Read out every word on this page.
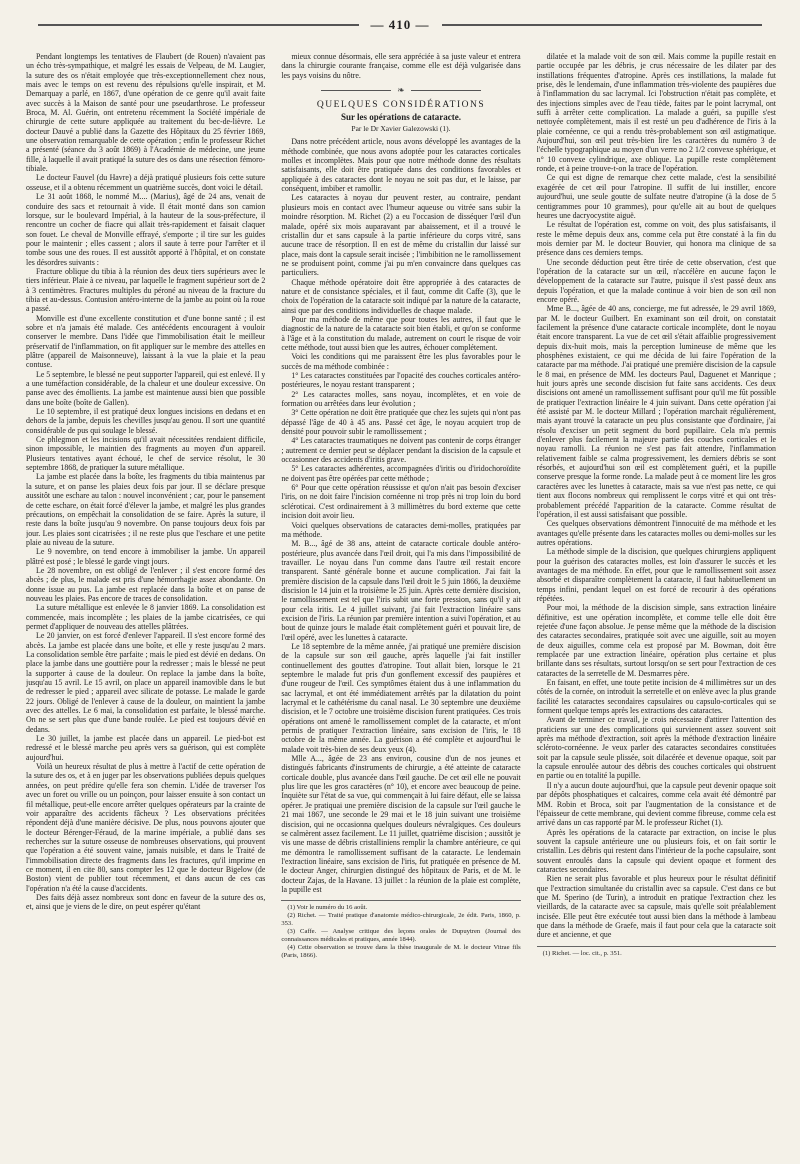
— 410 —

Pendant longtemps les tentatives de Flaubert (de Rouen) n'avaient pas un écho très-sympathique, et malgré les essais de Velpeau, de M. Laugier, la suture des os n'était employée que très-exceptionnellement chez nous, mais avec le temps on est revenu des répulsions qu'elle inspirait, et M. Demarquay a parlé, en 1867, d'une opération de ce genre qu'il avait faite avec succès à la Maison de santé pour une pseudarthrose. Le professeur Broca, M. Al. Guérin, ont entretenu récemment la Société impériale de chirurgie de cette suture appliquée au traitement du bec-de-lièvre. Le docteur Dauvé a publié dans la Gazette des Hôpitaux du 25 février 1869, une observation remarquable de cette opération ; enfin le professeur Richet a présenté (séance du 3 août 1869) à l'Académie de médecine, une jeune fille, à laquelle il avait pratiqué la suture des os dans une résection fémoro-tibiale.

Le docteur Fauvel (du Havre) a déjà pratiqué plusieurs fois cette suture osseuse, et il a obtenu récemment un quatrième succès, dont voici le détail.

Le 31 août 1868, le nommé M.... (Marius), âgé de 24 ans, venait de conduire des sacs et retournait à vide. Il était monté dans son camion lorsque, sur le boulevard Impérial, à la hauteur de la sous-préfecture, il rencontre un cocher de fiacre qui allait très-rapidement et faisait claquer son fouet. Le cheval de Monville effrayé, s'emporte ; il tire sur les guides pour le maintenir ; elles cassent ; alors il saute à terre pour l'arrêter et il tombe sous une des roues. Il est aussitôt apporté à l'hôpital, et on constate les désordres suivants :

Fracture oblique du tibia à la réunion des deux tiers supérieurs avec le tiers inférieur. Plaie à ce niveau, par laquelle le fragment supérieur sort de 2 à 3 centimètres. Fractures multiples du péroné au niveau de la fracture du tibia et au-dessus. Contusion antéro-interne de la jambe au point où la roue a passé.

Monville est d'une excellente constitution et d'une bonne santé ; il est sobre et n'a jamais été malade. Ces antécédents encouragent à vouloir conserver le membre. Dans l'idée que l'immobilisation était le meilleur préservatif de l'inflammation, on fit appliquer sur le membre des attelles en plâtre (appareil de Maisonneuve), laissant à la vue la plaie et la peau contuse.

Le 5 septembre, le blessé ne peut supporter l'appareil, qui est enlevé. Il y a une tuméfaction considérable, de la chaleur et une douleur excessive. On panse avec des émollients. La jambe est maintenue aussi bien que possible dans une boîte (boîte de Gallen).

Le 10 septembre, il est pratiqué deux longues incisions en dedans et en dehors de la jambe, depuis les chevilles jusqu'au genou. Il sort une quantité considérable de pus qui soulage le blessé.

Ce phlegmon et les incisions qu'il avait nécessitées rendaient difficile, sinon impossible, le maintien des fragments au moyen d'un appareil. Plusieurs tentatives ayant échoué, le chef de service résolut, le 30 septembre 1868, de pratiquer la suture métallique.

La jambe est placée dans la boîte, les fragments du tibia maintenus par la suture, et on panse les plaies deux fois par jour. Il se déclare presque aussitôt une eschare au talon : nouvel inconvénient ; car, pour le pansement de cette eschare, on était forcé d'élever la jambe, et malgré les plus grandes précautions, on empêchait la consolidation de se faire. Après la suture, il reste dans la boîte jusqu'au 9 novembre. On panse toujours deux fois par jour. Les plaies sont cicatrisées ; il ne reste plus que l'eschare et une petite plaie au niveau de la suture.

Le 9 novembre, on tend encore à immobiliser la jambe. Un appareil plâtré est posé ; le blessé le garde vingt jours.

Le 28 novembre, on est obligé de l'enlever ; il s'est encore formé des abcès ; de plus, le malade est pris d'une hémorrhagie assez abondante. On donne issue au pus. La jambe est replacée dans la boîte et on panse de nouveau les plaies. Pas encore de traces de consolidation.

La suture métallique est enlevée le 8 janvier 1869. La consolidation est commencée, mais incomplète ; les plaies de la jambe cicatrisées, ce qui permet d'appliquer de nouveau des attelles plâtrées.

Le 20 janvier, on est forcé d'enlever l'appareil. Il s'est encore formé des abcès. La jambe est placée dans une boîte, et elle y reste jusqu'au 2 mars. La consolidation semble être parfaite ; mais le pied est dévié en dedans. On place la jambe dans une gouttière pour la redresser ; mais le blessé ne peut la supporter à cause de la douleur. On replace la jambe dans la boîte, jusqu'au 15 avril. Le 15 avril, on place un appareil inamovible dans le but de redresser le pied ; appareil avec silicate de potasse. Le malade le garde 22 jours. Obligé de l'enlever à cause de la douleur, on maintient la jambe avec des attelles. Le 6 mai, la consolidation est parfaite, le blessé marche. On ne se sert plus que d'une bande roulée. Le pied est toujours dévié en dedans.

Le 30 juillet, la jambe est placée dans un appareil. Le pied-bot est redressé et le blessé marche peu après vers sa guérison, qui est complète aujourd'hui.

Voilà un heureux résultat de plus à mettre à l'actif de cette opération de la suture des os, et à en juger par les observations publiées depuis quelques années, on peut prédire qu'elle fera son chemin. L'idée de traverser l'os avec un foret ou vrille ou un poinçon, pour laisser ensuite à son contact un fil métallique, peut-elle encore arrêter quelques opérateurs par la crainte de voir apparaître des accidents fâcheux ? Les observations précitées répondent déjà d'une manière décisive. De plus, nous pouvons ajouter que le docteur Bérenger-Féraud, de la marine impériale, a publié dans ses recherches sur la suture osseuse de nombreuses observations, qui prouvent que l'opération a été souvent vaine, jamais nuisible, et dans le Traité de l'immobilisation directe des fragments dans les fractures, qu'il imprime en ce moment, il en cite 80, sans compter les 12 que le docteur Bigelow (de Boston) vient de publier tout récemment, et dans aucun de ces cas l'opération n'a été la cause d'accidents.

Des faits déjà assez nombreux sont donc en faveur de la suture des os, et, ainsi que je viens de le dire, on peut espérer qu'étant

mieux connue désormais, elle sera appréciée à sa juste valeur et entrera dans la chirurgie courante française, comme elle est déjà vulgarisée dans les pays voisins du nôtre.

❧
QUELQUES CONSIDÉRATIONS
Sur les opérations de cataracte.
Par le Dr Xavier Galezowski (1).

Dans notre précédent article, nous avons développé les avantages de la méthode combinée, que nous avons adoptée pour les cataractes corticales molles et incomplètes. Mais pour que notre méthode donne des résultats satisfaisants, elle doit être pratiquée dans des conditions favorables et appliquée à des cataractes dont le noyau ne soit pas dur, et le laisse, par conséquent, imbiber et ramollir.

Les cataractes à noyau dur peuvent rester, au contraire, pendant plusieurs mois en contact avec l'humeur aqueuse ou vitrée sans subir la moindre résorption. M. Richet (2) a eu l'occasion de disséquer l'œil d'un malade, opéré six mois auparavant par abaissement, et il a trouvé le cristallin dur et sans capsule à la partie inférieure du corps vitré, sans aucune trace de résorption. Il en est de même du cristallin dur laissé sur place, mais dont la capsule serait incisée ; l'imbibition ne le ramollissement ne se produisent point, comme j'ai pu m'en convaincre dans quelques cas particuliers.

Chaque méthode opératoire doit être appropriée à des cataractes de nature et de consistance spéciales, et il faut, comme dit Caffe (3), que le choix de l'opération de la cataracte soit indiqué par la nature de la cataracte, ainsi que par des conditions individuelles de chaque malade.

Pour ma méthode de même que pour toutes les autres, il faut que le diagnostic de la nature de la cataracte soit bien établi, et qu'on se conforme à l'âge et à la constitution du malade, autrement on court le risque de voir cette méthode, tout aussi bien que les autres, échouer complétement.

Voici les conditions qui me paraissent être les plus favorables pour le succès de ma méthode combinée :

1° Les cataractes constituées par l'opacité des couches corticales antéro-postérieures, le noyau restant transparent ;

2° Les cataractes molles, sans noyau, incomplètes, et en voie de formation ou arrêtées dans leur évolution ;

3° Cette opération ne doit être pratiquée que chez les sujets qui n'ont pas dépassé l'âge de 40 à 45 ans. Passé cet âge, le noyau acquiert trop de densité pour pouvoir subir le ramollissement ;

4° Les cataractes traumatiques ne doivent pas contenir de corps étranger ; autrement ce dernier peut se déplacer pendant la discision de la capsule et occasionner des accidents d'iritis grave.

5° Les cataractes adhérentes, accompagnées d'iritis ou d'iridochoroïdite ne doivent pas être opérées par cette méthode ;

6° Pour que cette opération réussisse et qu'on n'ait pas besoin d'exciser l'iris, on ne doit faire l'incision cornéenne ni trop près ni trop loin du bord scléroticai. C'est ordinairement à 3 millimètres du bord externe que cette incision doit avoir lieu.

Voici quelques observations de cataractes demi-molles, pratiquées par ma méthode.

M. B..., âgé de 38 ans, atteint de cataracte corticale double antéro-postérieure, plus avancée dans l'œil droit, qui l'a mis dans l'impossibilité de travailler. Le noyau dans l'un comme dans l'autre œil restait encore transparent. Santé générale bonne et aucune complication. J'ai fait la première discision de la capsule dans l'œil droit le 5 juin 1866, la deuxième discision le 14 juin et la troisième le 25 juin. Après cette dernière discision, le ramollissement est tel que l'iris subit une forte pression, sans qu'il y ait pour cela iritis. Le 4 juillet suivant, j'ai fait l'extraction linéaire sans excision de l'iris. La réunion par première intention a suivi l'opération, et au bout de quinze jours le malade était complètement guéri et pouvait lire, de l'œil opéré, avec les lunettes à cataracte.

Le 18 septembre de la même année, j'ai pratiqué une première discision de la capsule sur son œil gauche, après laquelle j'ai fait instiller continuellement des gouttes d'atropine. Tout allait bien, lorsque le 21 septembre le malade fut pris d'un gonflement excessif des paupières et d'une rougeur de l'œil. Ces symptômes étaient dus à une inflammation du sac lacrymal, et ont été immédiatement arrêtés par la dilatation du point lacrymal et le cathétérisme du canal nasal. Le 30 septembre une deuxième discision, et le 7 octobre une troisième discision furent pratiquées. Ces trois opérations ont amené le ramollissement complet de la cataracte, et m'ont permis de pratiquer l'extraction linéaire, sans excision de l'iris, le 18 octobre de la même année. La guérison a été complète et aujourd'hui le malade voit très-bien de ses deux yeux (4).

Mlle A..., âgée de 23 ans environ, cousine d'un de nos jeunes et distingués fabricants d'instruments de chirurgie, a été atteinte de cataracte corticale double, plus avancée dans l'œil gauche. De cet œil elle ne pouvait plus lire que les gros caractères (n° 10), et encore avec beaucoup de peine. Inquiète sur l'état de sa vue, qui commençait à lui faire défaut, elle se laissa opérer. Je pratiquai une première discision de la capsule sur l'œil gauche le 21 mai 1867, une seconde le 29 mai et le 18 juin suivant une troisième discision, qui ne occasionna quelques douleurs névralgiques. Ces douleurs se calmèrent assez facilement. Le 11 juillet, quatrième discision ; aussitôt je vis une masse de débris cristalliniens remplir la chambre antérieure, ce qui me démontra le ramollissement suffisant de la cataracte. Le lendemain l'extraction linéaire, sans excision de l'iris, fut pratiquée en présence de M. le docteur Anger, chirurgien distingué des hôpitaux de Paris, et de M. le docteur Zajas, de la Havane. 13 juillet : la réunion de la plaie est complète, la pupille est

(1) Voir le numéro du 16 août.
(2) Richet. — Traité pratique d'anatomie médico-chirurgicale, 2e édit. Paris, 1860, p. 353.
(3) Caffe. — Analyse critique des leçons orales de Dupuytren (Journal des connaissances médicales et pratiques, année 1844).
(4) Cette observation se trouve dans la thèse inaugurale de M. le docteur Vitrae fils (Paris, 1866).

dilatée et la malade voit de son œil. Mais comme la pupille restait en partie occupée par les débris, je crus nécessaire de les dilater par des instillations fréquentes d'atropine. Après ces instillations, la malade fut prise, dès le lendemain, d'une inflammation très-violente des paupières due à l'inflammation du sac lacrymal. Ici l'obstruction n'était pas complète, et des injections simples avec de l'eau tiède, faites par le point lacrymal, ont suffi à arrêter cette complication. La malade a guéri, sa pupille s'est nettoyée complètement, mais il est resté un peu d'adhérence de l'iris à la plaie cornéenne, ce qui a rendu très-probablement son œil astigmatique. Aujourd'hui, son œil peut très-bien lire les caractères du numéro 3 de l'échelle typographique au moyen d'un verre no 2 1/2 convexe sphérique, et n° 10 convexe cylindrique, axe oblique. La pupille reste complètement ronde, et à peine trouve-t-on la trace de l'opération.

Ce qui est digne de remarque chez cette malade, c'est la sensibilité exagérée de cet œil pour l'atropine. Il suffit de lui instiller, encore aujourd'hui, une seule goutte de sulfate neutre d'atropine (à la dose de 5 centigrammes pour 10 grammes), pour qu'elle ait au bout de quelques heures une dacryocystite aiguë.

Le résultat de l'opération est, comme on voit, des plus satisfaisants, il reste le même depuis deux ans, comme cela put être constaté à la fin du mois dernier par M. le docteur Bouvier, qui honora ma clinique de sa présence dans ces derniers temps.

Une seconde déduction peut être tirée de cette observation, c'est que l'opération de la cataracte sur un œil, n'accélère en aucune façon le développement de la cataracte sur l'autre, puisque il s'est passé deux ans depuis l'opération, et que la malade continue à voir bien de son œil non encore opéré.

Mme B..., âgée de 40 ans, concierge, me fut adressée, le 29 avril 1869, par M. le docteur Guilbert. En examinant son œil droit, on constatait facilement la présence d'une cataracte corticale incomplète, dont le noyau était encore transparent. La vue de cet œil s'était affaiblie progressivement depuis dix-huit mois, mais la perception lumineuse de même que les phosphènes existaient, ce qui me décida de lui faire l'opération de la cataracte par ma méthode. J'ai pratiqué une première discision de la capsule le 8 mai, en présence de MM. les docteurs Paul, Daguenet et Manrique ; huit jours après une seconde discision fut faite sans accidents. Ces deux discisions ont amené un ramollissement suffisant pour qu'il me fût possible de pratiquer l'extraction linéaire le 4 juin suivant. Dans cette opération j'ai été assisté par M. le docteur Millard ; l'opération marchait régulièrement, mais ayant trouvé la cataracte un peu plus consistante que d'ordinaire, j'ai résolu d'exciser un petit segment du bord pupillaire. Cela m'a permis d'enlever plus facilement la majeure partie des couches corticales et le noyau ramolli. La réunion ne s'est pas fait attendre, l'inflammation relativement faible se calma progressivement, les derniers débris se sont résorbés, et aujourd'hui son œil est complètement guéri, et la pupille conserve presque la forme ronde. La malade peut à ce moment lire les gros caractères avec les lunettes à cataracte, mais sa vue n'est pas nette, ce qui tient aux flocons nombreux qui remplissent le corps vitré et qui ont très-probablement précédé l'apparition de la cataracte. Comme résultat de l'opération, il est aussi satisfaisant que possible.

Ces quelques observations démontrent l'innocuité de ma méthode et les avantages qu'elle présente dans les cataractes molles ou demi-molles sur les autres opérations.

La méthode simple de la discision, que quelques chirurgiens appliquent pour la guérison des cataractes molles, est loin d'assurer le succès et les avantages de ma méthode. En effet, pour que le ramollissement soit assez absorbé et disparaître complètement la cataracte, il faut habituellement un temps infini, pendant lequel on est forcé de recourir à des opérations répétées.

Pour moi, la méthode de la discision simple, sans extraction linéaire définitive, est une opération incomplète, et comme telle elle doit être rejetée d'une façon absolue. Je pense même que la méthode de la discision des cataractes secondaires, pratiquée soit avec une aiguille, soit au moyen de deux aiguilles, comme cela est proposé par M. Bowman, doit être remplacée par une extraction linéaire, opération plus certaine et plus brillante dans ses résultats, surtout lorsqu'on se sert pour l'extraction de ces cataractes de la serretelle de M. Desmarres père.

En faisant, en effet, une toute petite incision de 4 millimètres sur un des côtés de la cornée, on introduit la serretelle et on enlève avec la plus grande facilité les cataractes secondaires capsulaires ou capsulo-corticales qui se forment quelque temps après les extractions des cataractes.

Avant de terminer ce travail, je crois nécessaire d'attirer l'attention des praticiens sur une des complications qui surviennent assez souvent soit après ma méthode d'extraction, soit après la méthode d'extraction linéaire scléroto-cornéenne. Je veux parler des cataractes secondaires constituées soit par la capsule seule plissée, soit dilacérée et devenue opaque, soit par la capsule enroulée autour des débris des couches corticales qui obstruent en partie ou en totalité la pupille.

Il n'y a aucun doute aujourd'hui, que la capsule peut devenir opaque soit par dépôts phosphatiques et calcaires, comme cela avait été démontré par MM. Robin et Broca, soit par l'augmentation de la consistance et de l'épaisseur de cette membrane, qui devient comme fibreuse, comme cela est arrivé dans un cas rapporté par M. le professeur Richet (1).

Après les opérations de la cataracte par extraction, on incise le plus souvent la capsule antérieure une ou plusieurs fois, et on fait sortir le cristallin. Les débris qui restent dans l'intérieur de la poche capsulaire, sont souvent enroulés dans la capsule qui devient opaque et forment des cataractes secondaires.

Rien ne serait plus favorable et plus heureux pour le résultat définitif que l'extraction simultanée du cristallin avec sa capsule. C'est dans ce but que M. Sperino (de Turin), a introduit en pratique l'extraction chez les vieillards, de la cataracte avec sa capsule, mais qu'elle soit préalablement incisée. Elle peut être exécutée tout aussi bien dans la méthode à lambeau que dans la méthode de Graefe, mais il faut pour cela que la cataracte soit dure et ancienne, et que

(1) Richet. — loc. cit., p. 351.
